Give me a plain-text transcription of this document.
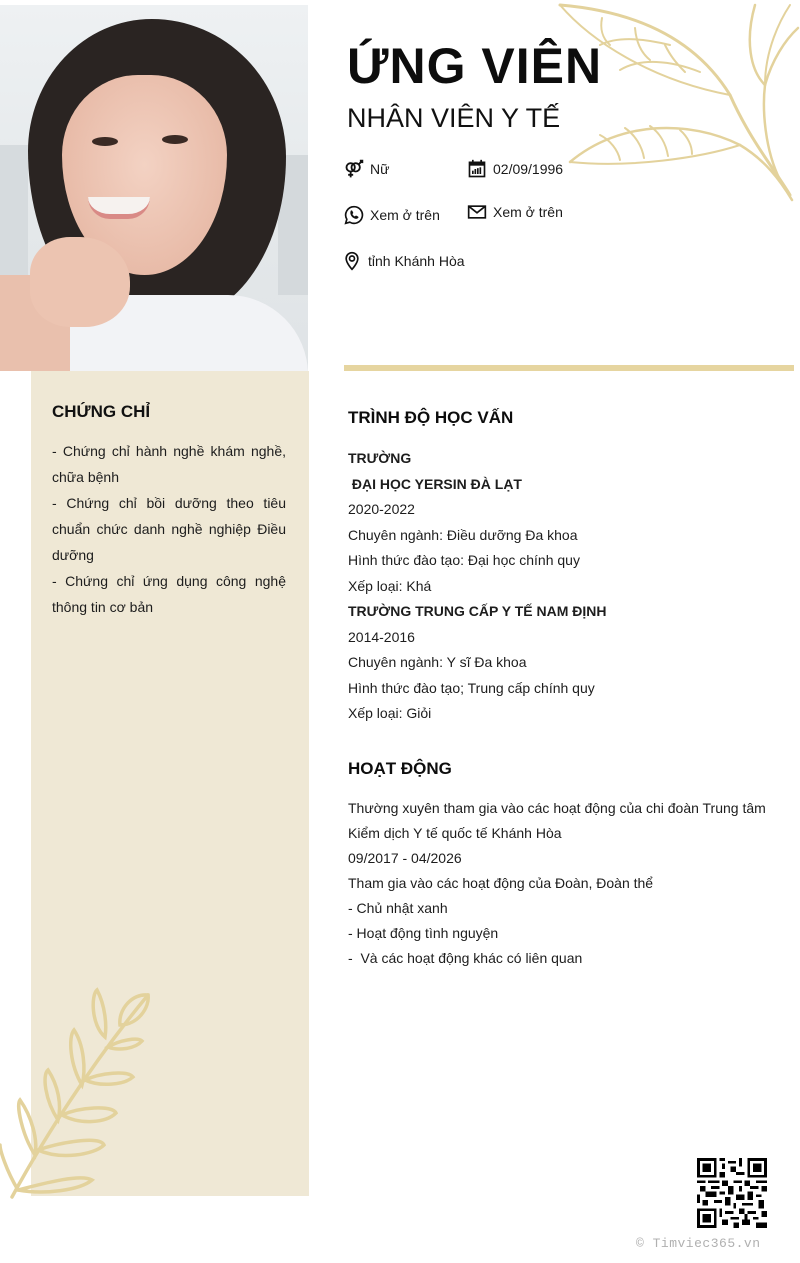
CHỨNG CHỈ

- Chứng chỉ hành nghề khám nghề, chữa bệnh

- Chứng chỉ bồi dưỡng theo tiêu chuẩn chức danh nghề nghiệp Điều dưỡng

- Chứng chỉ ứng dụng công nghệ thông tin cơ bản

ỨNG VIÊN
NHÂN VIÊN Y TẾ
Nữ	02/09/1996
Xem ở trên	Xem ở trên
tỉnh Khánh Hòa
TRÌNH ĐỘ HỌC VẤN
TRƯỜNG
ĐẠI HỌC YERSIN ĐÀ LẠT
2020-2022
Chuyên ngành: Điều dưỡng Đa khoa
Hình thức đào tạo: Đại học chính quy
Xếp loại: Khá
TRƯỜNG TRUNG CẤP Y TẾ NAM ĐỊNH
2014-2016
Chuyên ngành: Y sĩ Đa khoa
Hình thức đào tạo; Trung cấp chính quy
Xếp loại: Giỏi
HOẠT ĐỘNG
Thường xuyên tham gia vào các hoạt động của chi đoàn Trung tâm Kiểm dịch Y tế quốc tế Khánh Hòa
09/2017 - 04/2026
Tham gia vào các hoạt động của Đoàn, Đoàn thể
- Chủ nhật xanh
- Hoạt động tình nguyện
-  Và các hoạt động khác có liên quan
© Timviec365.vn
